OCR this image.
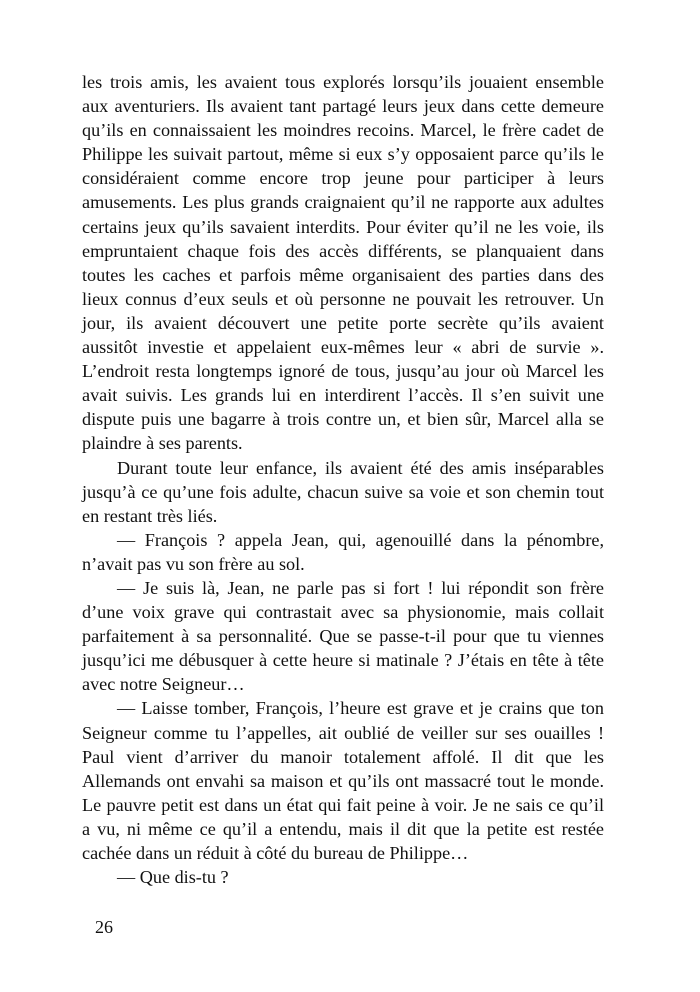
les trois amis, les avaient tous explorés lorsqu’ils jouaient ensemble aux aventuriers. Ils avaient tant partagé leurs jeux dans cette demeure qu’ils en connaissaient les moindres recoins. Marcel, le frère cadet de Philippe les suivait partout, même si eux s’y opposaient parce qu’ils le considéraient comme encore trop jeune pour participer à leurs amusements. Les plus grands craignaient qu’il ne rapporte aux adultes certains jeux qu’ils savaient interdits. Pour éviter qu’il ne les voie, ils empruntaient chaque fois des accès différents, se planquaient dans toutes les caches et parfois même organisaient des parties dans des lieux connus d’eux seuls et où personne ne pouvait les retrouver. Un jour, ils avaient découvert une petite porte secrète qu’ils avaient aussitôt investie et appelaient eux-mêmes leur « abri de survie ». L’endroit resta longtemps ignoré de tous, jusqu’au jour où Marcel les avait suivis. Les grands lui en interdirent l’accès. Il s’en suivit une dispute puis une bagarre à trois contre un, et bien sûr, Marcel alla se plaindre à ses parents.

Durant toute leur enfance, ils avaient été des amis inséparables jusqu’à ce qu’une fois adulte, chacun suive sa voie et son chemin tout en restant très liés.

— François ? appela Jean, qui, agenouillé dans la pénombre, n’avait pas vu son frère au sol.

— Je suis là, Jean, ne parle pas si fort ! lui répondit son frère d’une voix grave qui contrastait avec sa physionomie, mais collait parfaitement à sa personnalité. Que se passe-t-il pour que tu viennes jusqu’ici me débusquer à cette heure si matinale ? J’étais en tête à tête avec notre Seigneur…

— Laisse tomber, François, l’heure est grave et je crains que ton Seigneur comme tu l’appelles, ait oublié de veiller sur ses ouailles ! Paul vient d’arriver du manoir totalement affolé. Il dit que les Allemands ont envahi sa maison et qu’ils ont massacré tout le monde. Le pauvre petit est dans un état qui fait peine à voir. Je ne sais ce qu’il a vu, ni même ce qu’il a entendu, mais il dit que la petite est restée cachée dans un réduit à côté du bureau de Philippe…

— Que dis-tu ?

26
